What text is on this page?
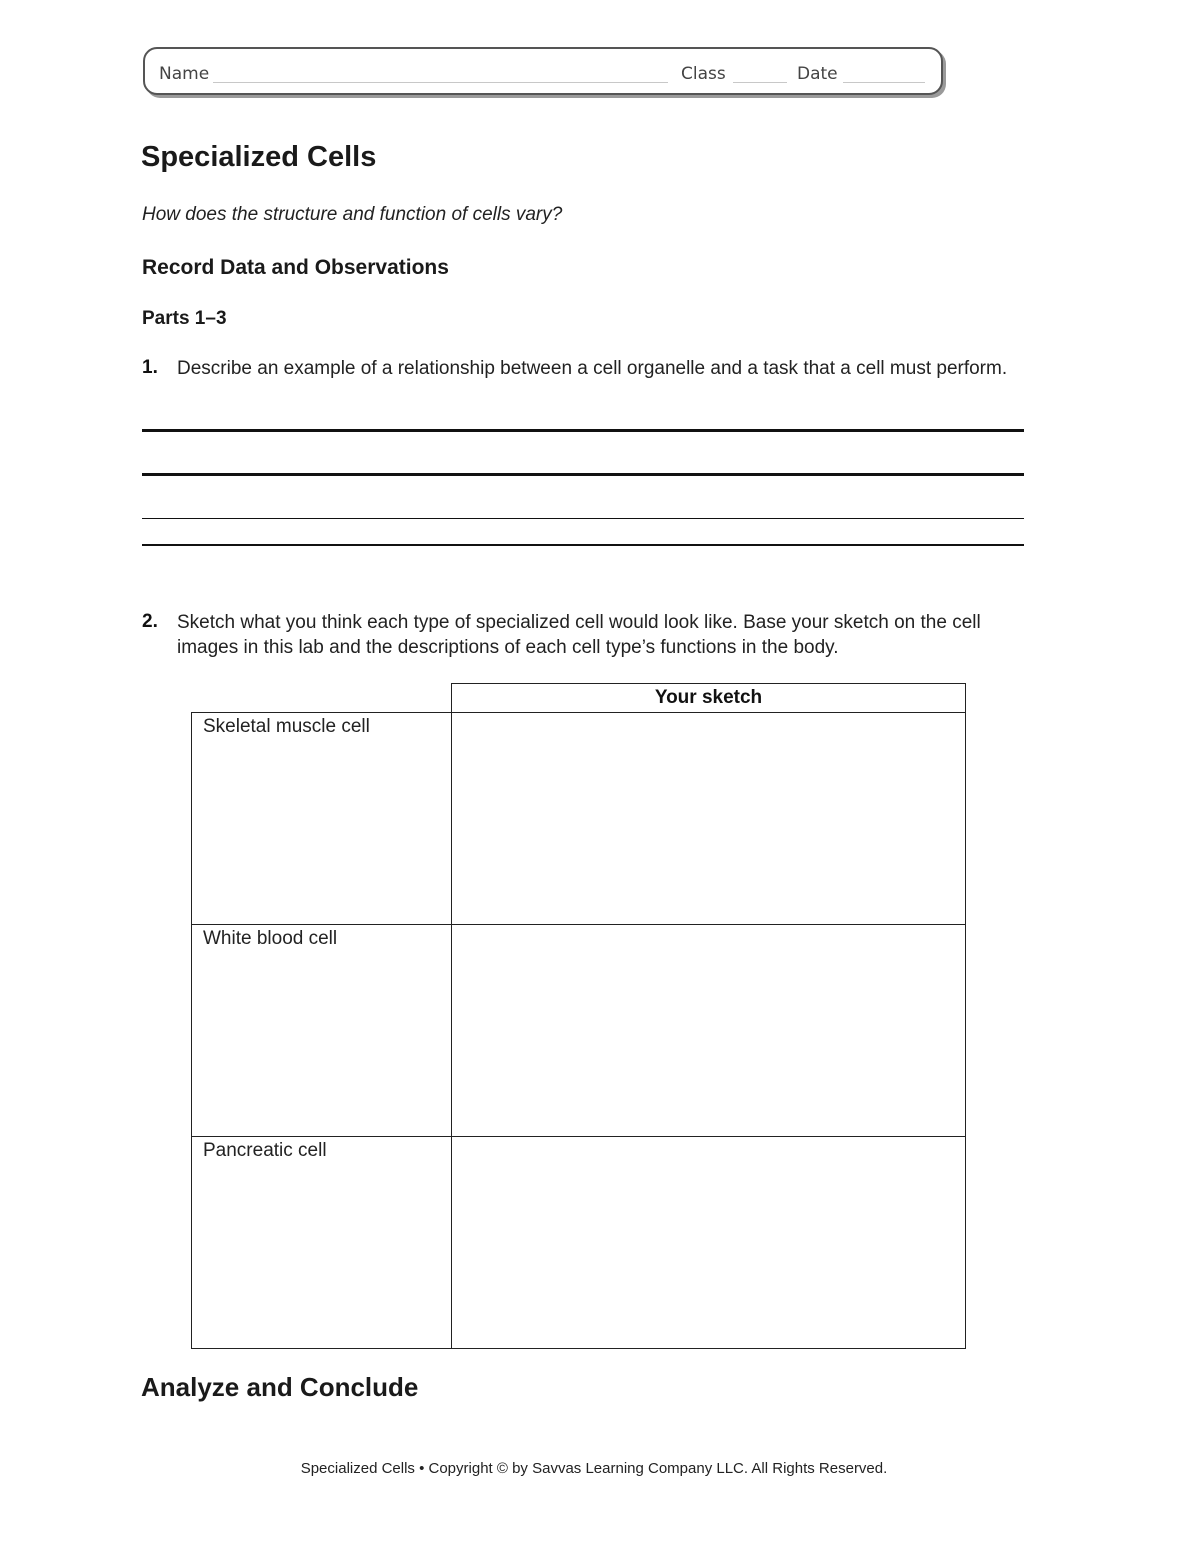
Name	Class	Date
Specialized Cells
How does the structure and function of cells vary?
Record Data and Observations
Parts 1–3
1. Describe an example of a relationship between a cell organelle and a task that a cell must perform.
2. Sketch what you think each type of specialized cell would look like. Base your sketch on the cell images in this lab and the descriptions of each cell type’s functions in the body.
	Your sketch
Skeletal muscle cell	
White blood cell	
Pancreatic cell	
Analyze and Conclude
Specialized Cells • Copyright © by Savvas Learning Company LLC. All Rights Reserved.
